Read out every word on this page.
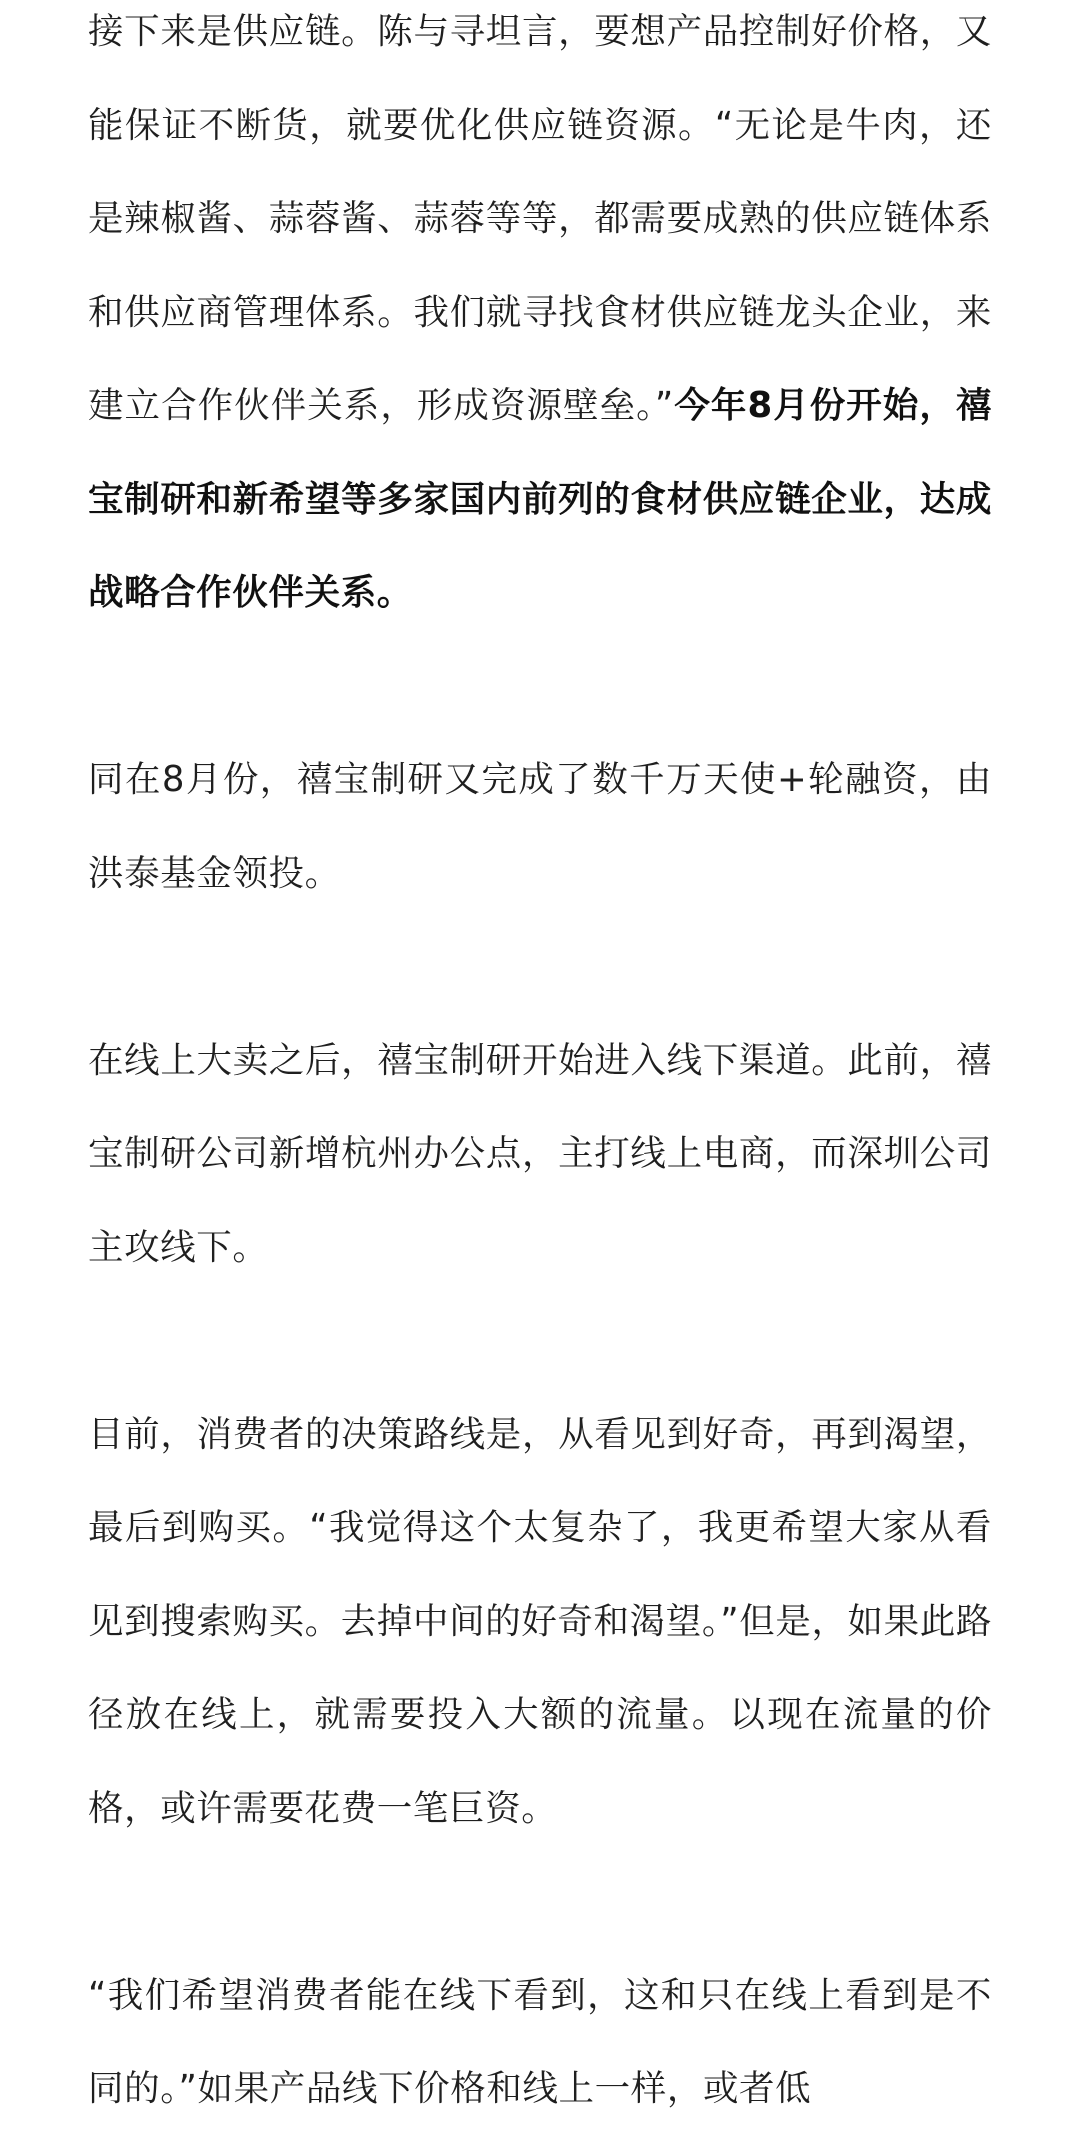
接下来是供应链。陈与寻坦言，要想产品控制好价格，又能保证不断货，就要优化供应链资源。“无论是牛肉，还是辣椒酱、蒜蓉酱、蒜蓉等等，都需要成熟的供应链体系和供应商管理体系。我们就寻找食材供应链龙头企业，来建立合作伙伴关系，形成资源壁垒。”今年8月份开始，禧宝制研和新希望等多家国内前列的食材供应链企业，达成战略合作伙伴关系。

同在8月份，禧宝制研又完成了数千万天使+轮融资，由洪泰基金领投。

在线上大卖之后，禧宝制研开始进入线下渠道。此前，禧宝制研公司新增杭州办公点，主打线上电商，而深圳公司主攻线下。

目前，消费者的决策路线是，从看见到好奇，再到渴望，最后到购买。“我觉得这个太复杂了，我更希望大家从看见到搜索购买。去掉中间的好奇和渴望。”但是，如果此路径放在线上，就需要投入大额的流量。以现在流量的价格，或许需要花费一笔巨资。

“我们希望消费者能在线下看到，这和只在线上看到是不同的。”如果产品线下价格和线上一样，或者低
